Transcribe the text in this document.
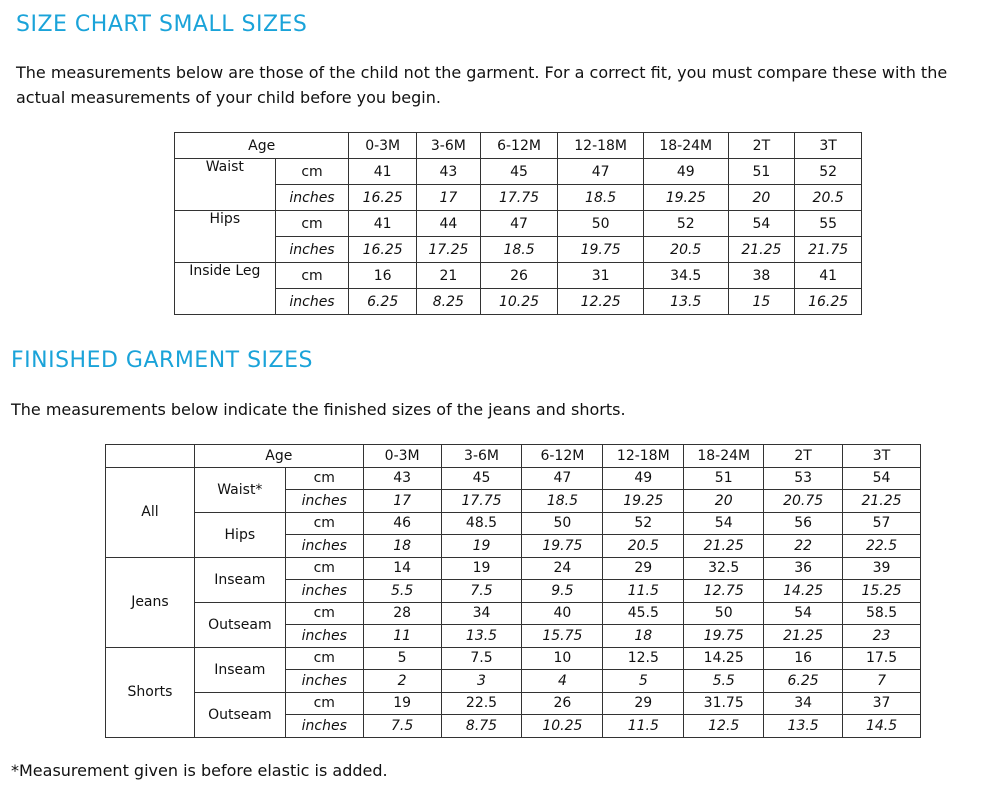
SIZE CHART SMALL SIZES

The measurements below are those of the child not the garment. For a correct fit, you must compare these with the actual measurements of your child before you begin.

Age		0-3M	3-6M	6-12M	12-18M	18-24M	2T	3T
Waist	cm	41	43	45	47	49	51	52
	inches	16.25	17	17.75	18.5	19.25	20	20.5
Hips	cm	41	44	47	50	52	54	55
	inches	16.25	17.25	18.5	19.75	20.5	21.25	21.75
Inside Leg	cm	16	21	26	31	34.5	38	41
	inches	6.25	8.25	10.25	12.25	13.5	15	16.25
FINISHED GARMENT SIZES

The measurements below indicate the finished sizes of the jeans and shorts.

	Age		0-3M	3-6M	6-12M	12-18M	18-24M	2T	3T
All	Waist*	cm	43	45	47	49	51	53	54
		inches	17	17.75	18.5	19.25	20	20.75	21.25
	Hips	cm	46	48.5	50	52	54	56	57
		inches	18	19	19.75	20.5	21.25	22	22.5
Jeans	Inseam	cm	14	19	24	29	32.5	36	39
		inches	5.5	7.5	9.5	11.5	12.75	14.25	15.25
	Outseam	cm	28	34	40	45.5	50	54	58.5
		inches	11	13.5	15.75	18	19.75	21.25	23
Shorts	Inseam	cm	5	7.5	10	12.5	14.25	16	17.5
		inches	2	3	4	5	5.5	6.25	7
	Outseam	cm	19	22.5	26	29	31.75	34	37
		inches	7.5	8.75	10.25	11.5	12.5	13.5	14.5

*Measurement given is before elastic is added.
